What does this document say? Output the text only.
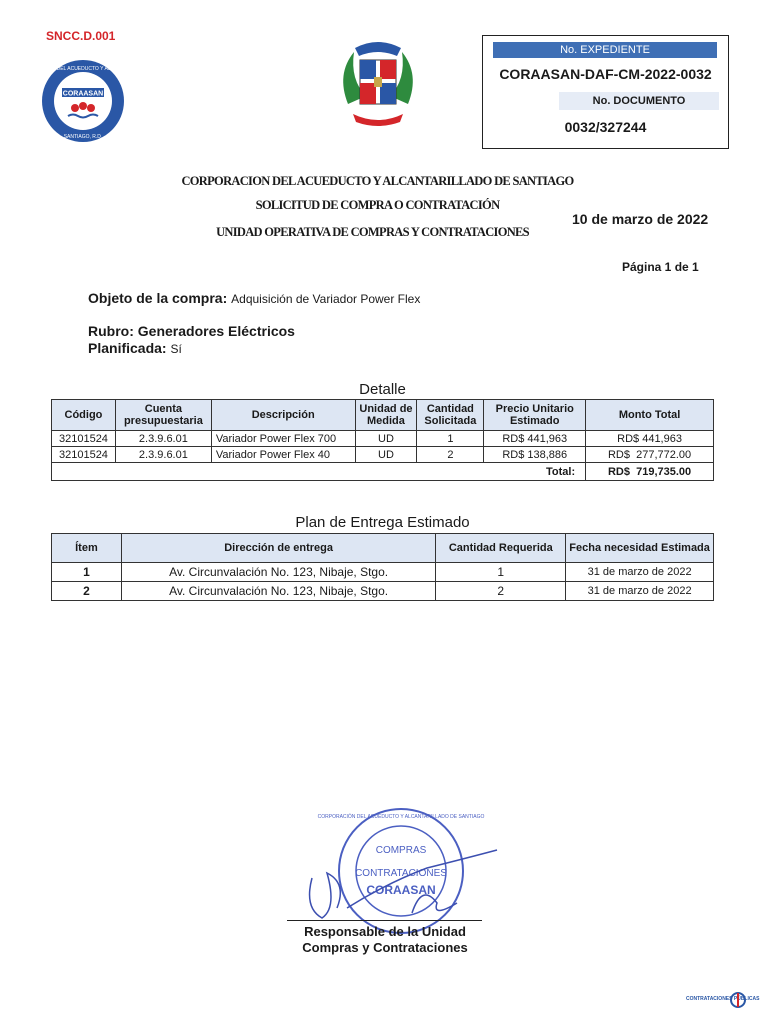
SNCC.D.001
CORAASAN
CORPORACIÓN DEL ACUEDUCTO Y ALCANTARILLADO
SANTIAGO, R.D.
No. EXPEDIENTE
CORAASAN-DAF-CM-2022-0032
No. DOCUMENTO
0032/327244
CORPORACION DEL ACUEDUCTO Y ALCANTARILLADO DE SANTIAGO
SOLICITUD DE COMPRA O CONTRATACIÓN
UNIDAD OPERATIVA DE COMPRAS Y CONTRATACIONES
10 de marzo de 2022
Página 1 de 1
Objeto de la compra: Adquisición de Variador Power Flex
Rubro: Generadores Eléctricos
Planificada: Sí
Detalle
Código	Cuenta presupuestaria	Descripción	Unidad de Medida	Cantidad Solicitada	Precio Unitario Estimado	Monto Total
32101524	2.3.9.6.01	Variador Power Flex 700	UD	1	RD$ 441,963	RD$ 441,963
32101524	2.3.9.6.01	Variador Power Flex 40	UD	2	RD$ 138,886	RD$  277,772.00
Total:						RD$  719,735.00
Plan de Entrega Estimado
Ítem	Dirección de entrega	Cantidad Requerida	Fecha necesidad Estimada
1	Av. Circunvalación No. 123, Nibaje, Stgo.	1	31 de marzo de 2022
2	Av. Circunvalación No. 123, Nibaje, Stgo.	2	31 de marzo de 2022
COMPRAS
CONTRATACIONES
CORAASAN
CORPORACIÓN DEL ACUEDUCTO Y ALCANTARILLADO DE SANTIAGO
Responsable de la Unidad
Compras y Contrataciones
CONTRATACIONES PÚBLICAS
